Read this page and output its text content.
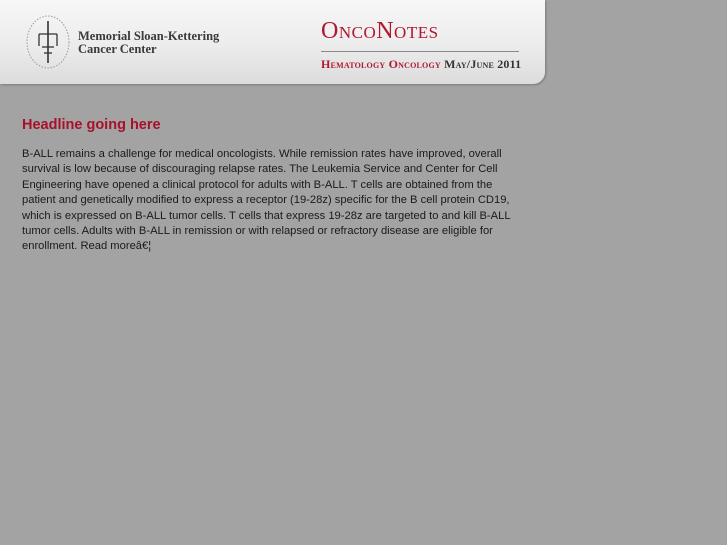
Memorial Sloan-Kettering
Cancer Center
OncoNotes
Hematology Oncology May/June 2011
Headline going here

B-ALL remains a challenge for medical oncologists. While remission rates have improved, overall survival is low because of discouraging relapse rates. The Leukemia Service and Center for Cell Engineering have opened a clinical protocol for adults with B-ALL. T cells are obtained from the patient and genetically modified to express a receptor (19-28z) specific for the B cell protein CD19, which is expressed on B-ALL tumor cells. T cells that express 19-28z are targeted to and kill B-ALL tumor cells. Adults with B-ALL in remission or with relapsed or refractory disease are eligible for enrollment. Read moreâ€¦
